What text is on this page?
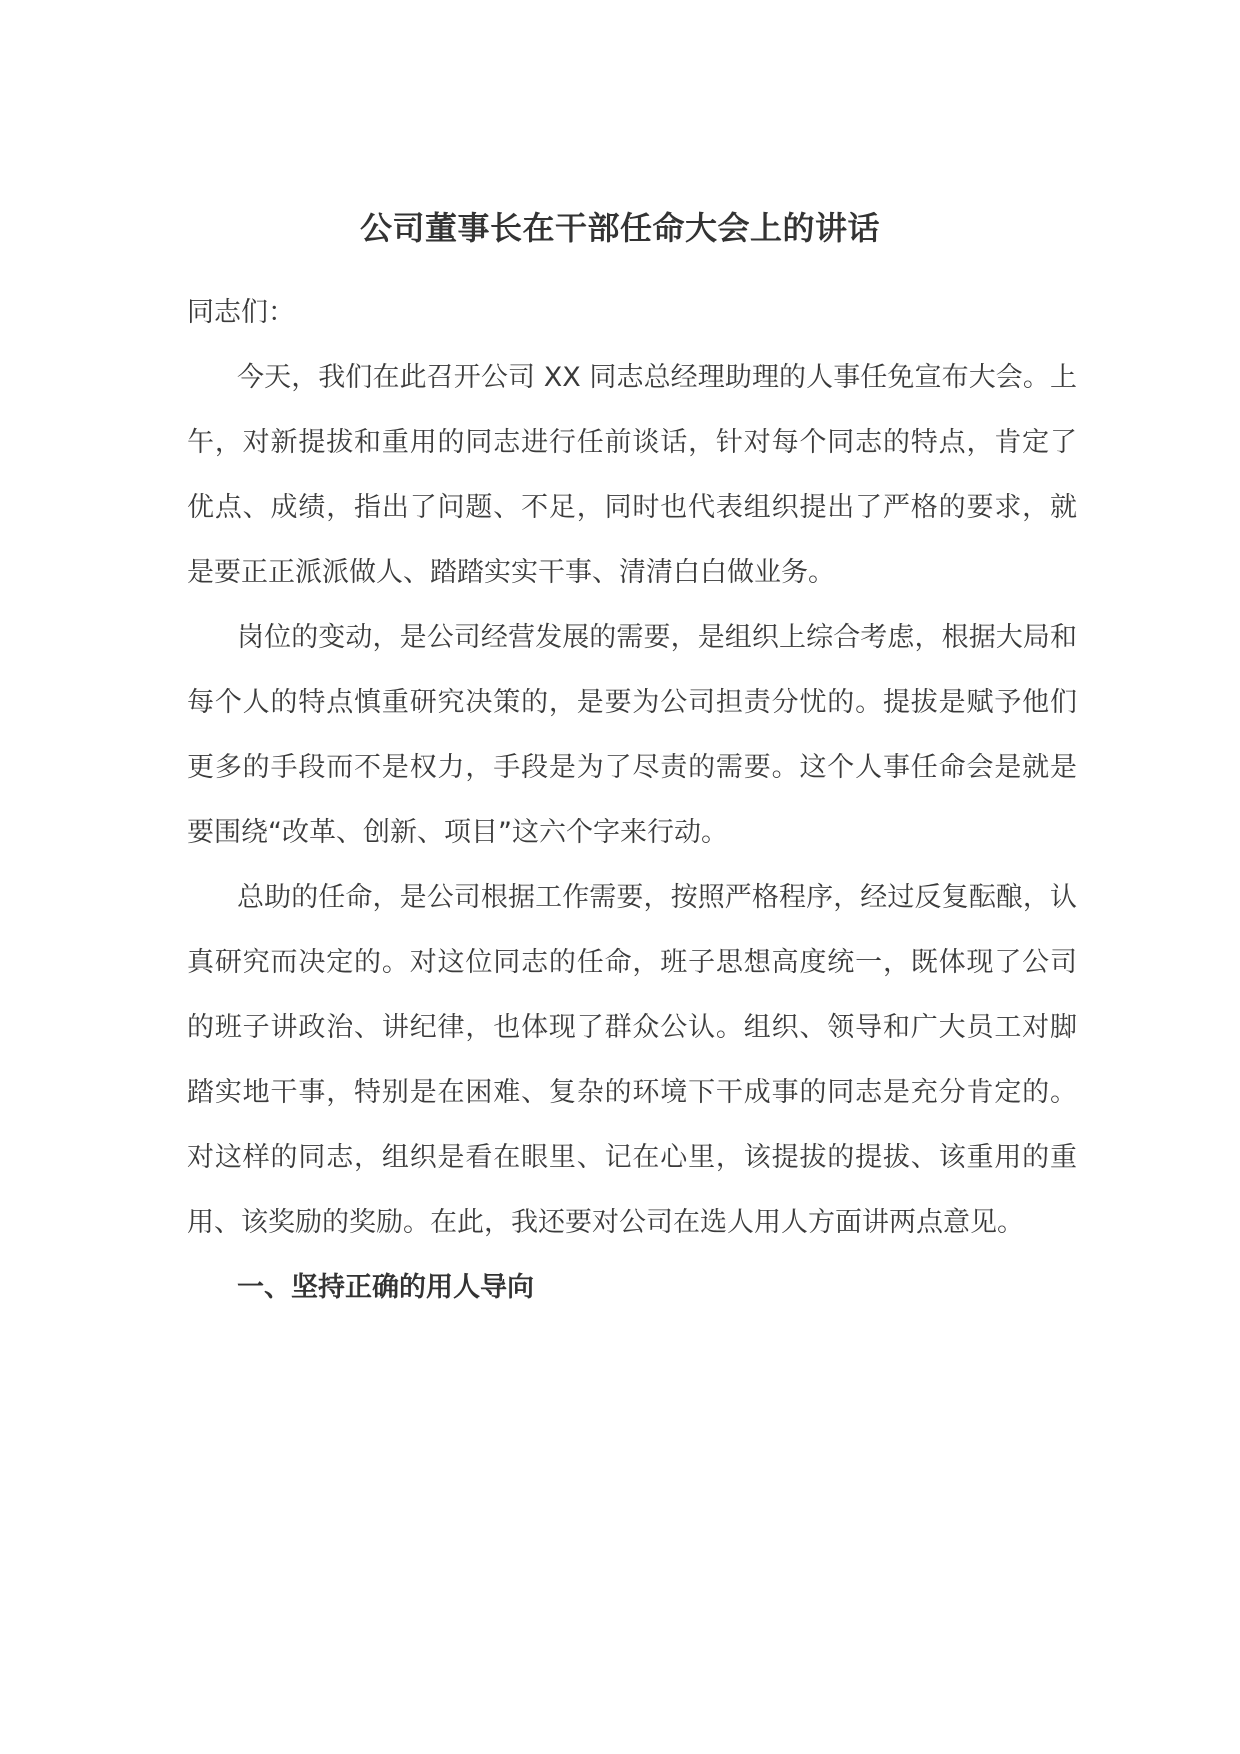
公司董事长在干部任命大会上的讲话

同志们：

今天，我们在此召开公司 XX 同志总经理助理的人事任免宣布大会。上午，对新提拔和重用的同志进行任前谈话，针对每个同志的特点，肯定了优点、成绩，指出了问题、不足，同时也代表组织提出了严格的要求，就是要正正派派做人、踏踏实实干事、清清白白做业务。

岗位的变动，是公司经营发展的需要，是组织上综合考虑，根据大局和每个人的特点慎重研究决策的，是要为公司担责分忧的。提拔是赋予他们更多的手段而不是权力，手段是为了尽责的需要。这个人事任命会是就是要围绕“改革、创新、项目”这六个字来行动。

总助的任命，是公司根据工作需要，按照严格程序，经过反复酝酿，认真研究而决定的。对这位同志的任命，班子思想高度统一，既体现了公司的班子讲政治、讲纪律，也体现了群众公认。组织、领导和广大员工对脚踏实地干事，特别是在困难、复杂的环境下干成事的同志是充分肯定的。对这样的同志，组织是看在眼里、记在心里，该提拔的提拔、该重用的重用、该奖励的奖励。在此，我还要对公司在选人用人方面讲两点意见。

一、坚持正确的用人导向
